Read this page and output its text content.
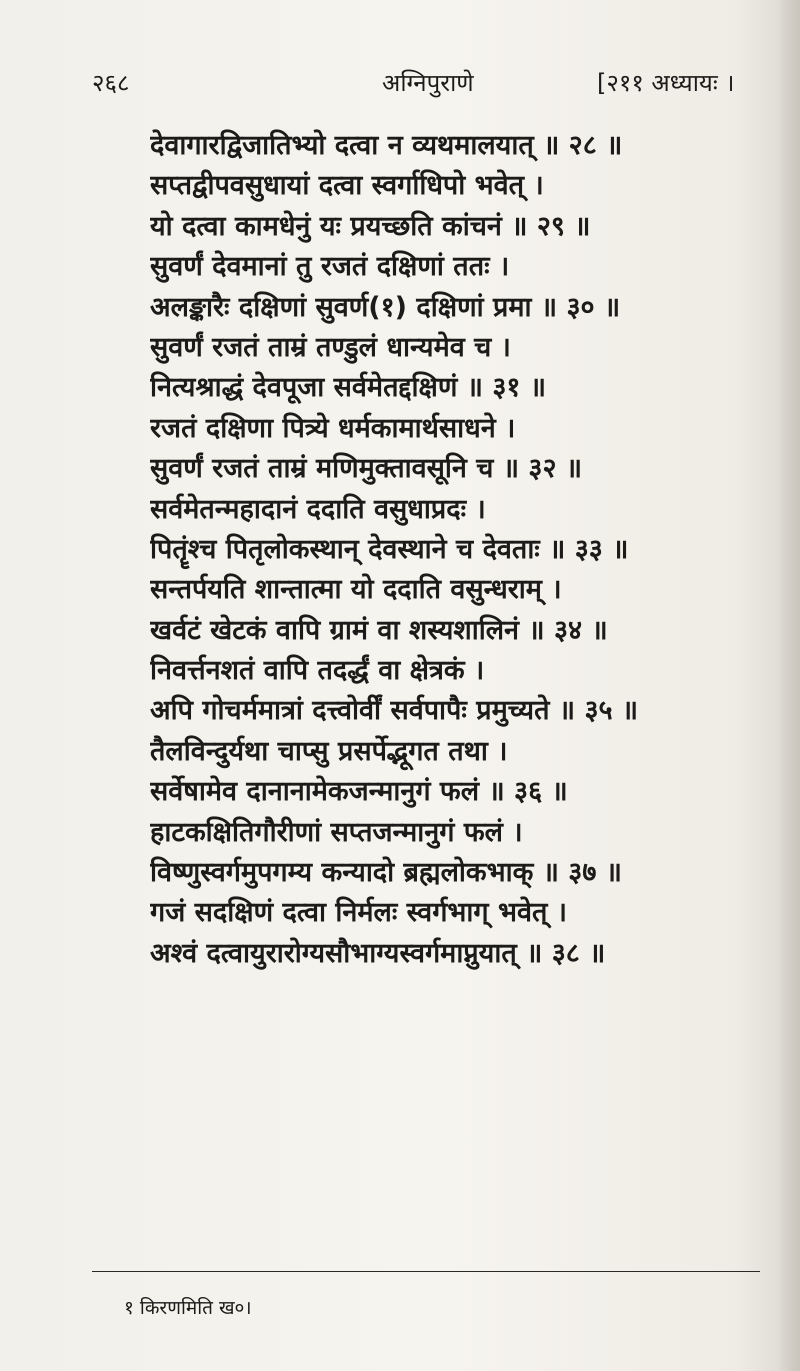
२६८	अग्निपुराणे	[२११ अध्यायः ।
देवागारद्विजातिभ्यो दत्वा न व्यथमालयात् ॥ २८ ॥
सप्तद्वीपवसुधायां दत्वा स्वर्गाधिपो भवेत् ।
यो दत्वा कामधेनुं यः प्रयच्छति कांचनं ॥ २९ ॥
सुवर्णं देवमानां तु रजतं दक्षिणां ततः ।
अलङ्कारैः दक्षिणां सुवर्ण(१) दक्षिणां प्रमा ॥ ३० ॥
सुवर्णं रजतं ताम्रं तण्डुलं धान्यमेव च ।
नित्यश्राद्धं देवपूजा सर्वमेतद्दक्षिणं ॥ ३१ ॥
रजतं दक्षिणा पित्र्ये धर्मकामार्थसाधने ।
सुवर्णं रजतं ताम्रं मणिमुक्तावसूनि च ॥ ३२ ॥
सर्वमेतन्महादानं ददाति वसुधाप्रदः ।
पितॄंश्च पितृलोकस्थान् देवस्थाने च देवताः ॥ ३३ ॥
सन्तर्पयति शान्तात्मा यो ददाति वसुन्धराम् ।
खर्वटं खेटकं वापि ग्रामं वा शस्यशालिनं ॥ ३४ ॥
निवर्त्तनशतं वापि तदर्द्धं वा क्षेत्रकं ।
अपि गोचर्ममात्रां दत्त्वोर्वीं सर्वपापैः प्रमुच्यते ॥ ३५ ॥
तैलविन्दुर्यथा चाप्सु प्रसर्पेद्भूगत तथा ।
सर्वेषामेव दानानामेकजन्मानुगं फलं ॥ ३६ ॥
हाटकक्षितिगौरीणां सप्तजन्मानुगं फलं ।
विष्णुस्वर्गमुपगम्य कन्यादो ब्रह्मलोकभाक् ॥ ३७ ॥
गजं सदक्षिणं दत्वा निर्मलः स्वर्गभाग् भवेत् ।
अश्वं दत्वायुरारोग्यसौभाग्यस्वर्गमाप्नुयात् ॥ ३८ ॥
१ किरणमिति ख०।
